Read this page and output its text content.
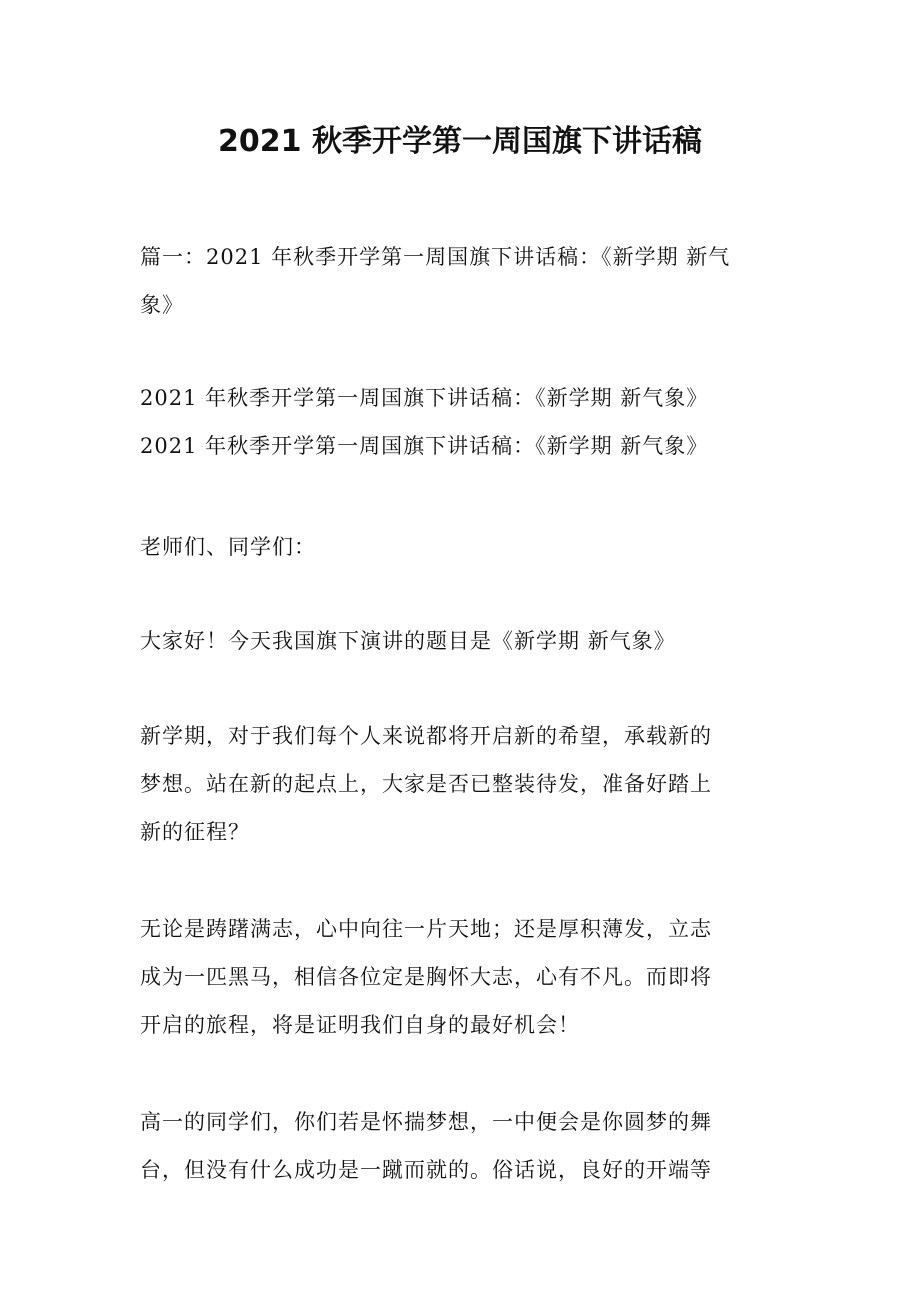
2021 秋季开学第一周国旗下讲话稿
篇一：2021 年秋季开学第一周国旗下讲话稿：《新学期 新气
象》
2021 年秋季开学第一周国旗下讲话稿：《新学期 新气象》
2021 年秋季开学第一周国旗下讲话稿：《新学期 新气象》
老师们、同学们：
大家好！今天我国旗下演讲的题目是《新学期 新气象》
新学期，对于我们每个人来说都将开启新的希望，承载新的
梦想。站在新的起点上，大家是否已整装待发，准备好踏上
新的征程？
无论是踌躇满志，心中向往一片天地；还是厚积薄发，立志
成为一匹黑马，相信各位定是胸怀大志，心有不凡。而即将
开启的旅程，将是证明我们自身的最好机会！
高一的同学们，你们若是怀揣梦想，一中便会是你圆梦的舞
台，但没有什么成功是一蹴而就的。俗话说，良好的开端等
